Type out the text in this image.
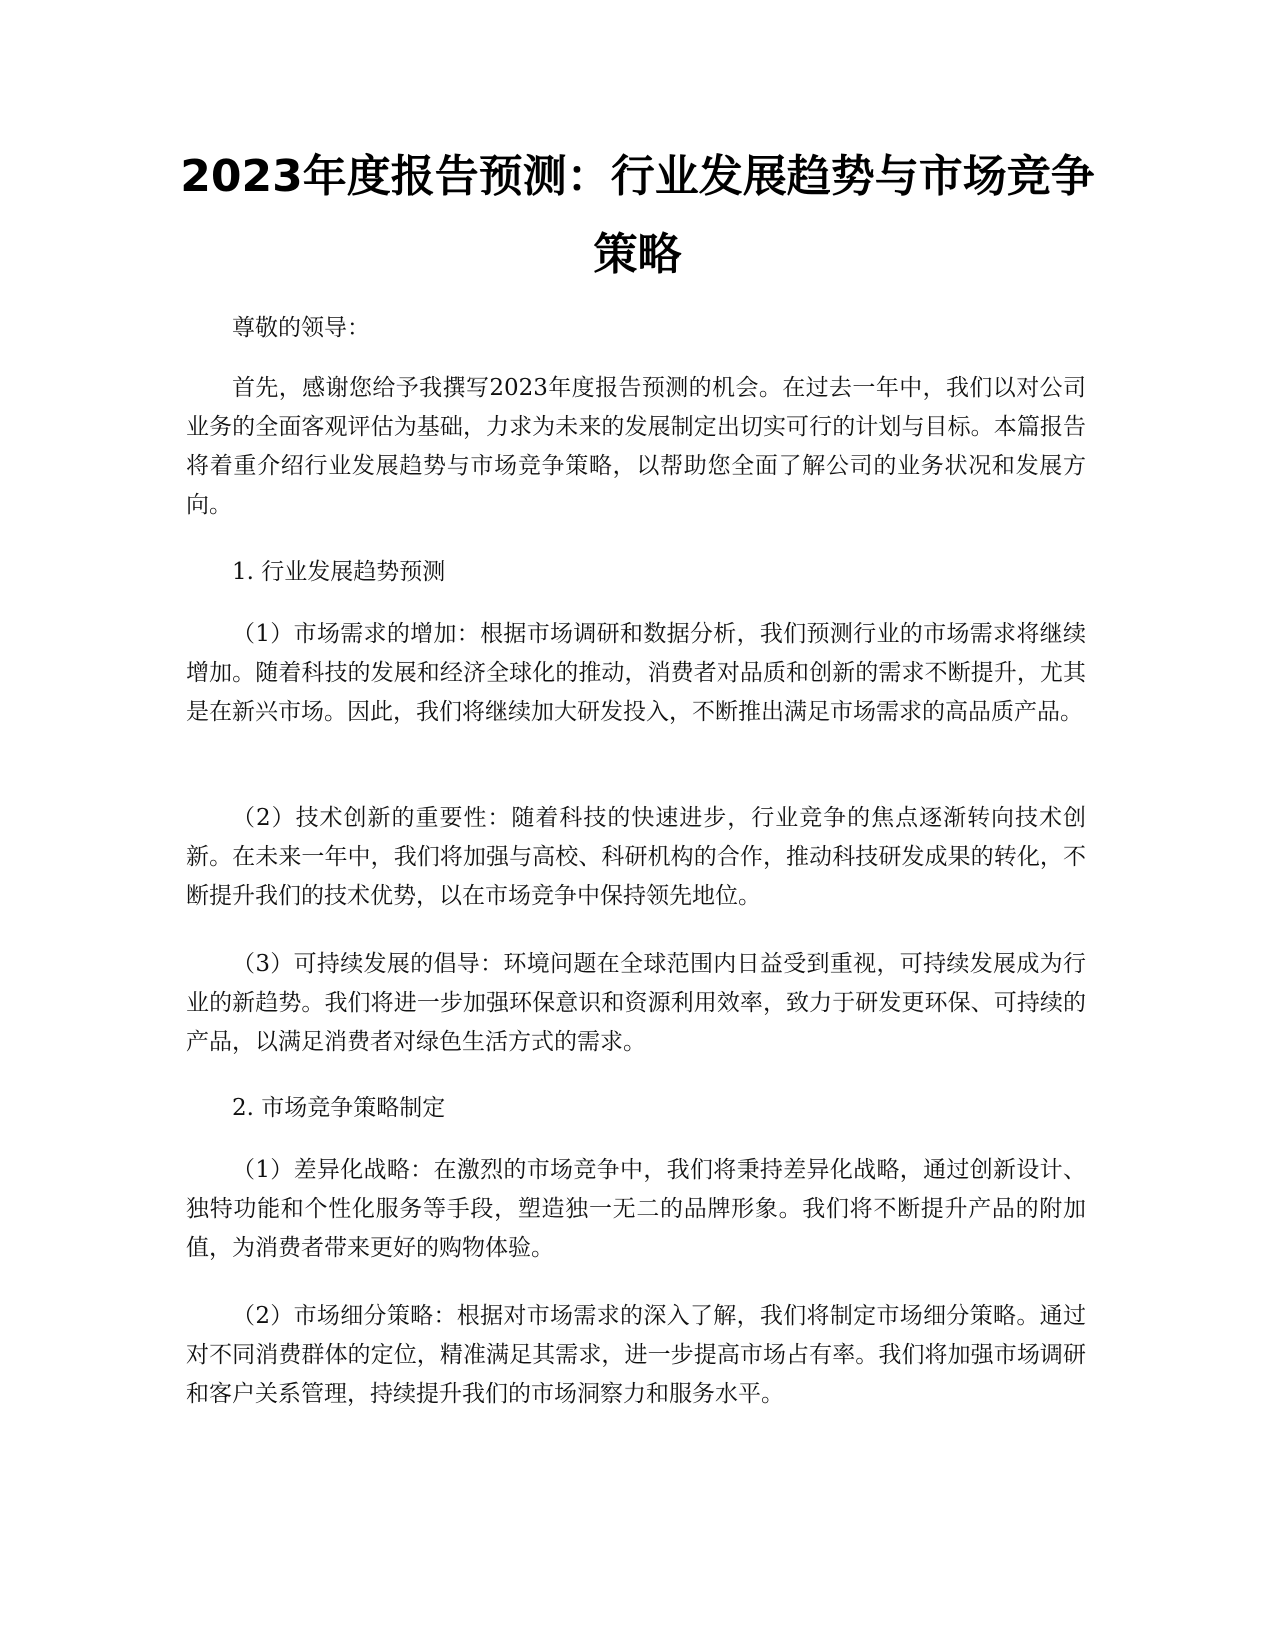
2023年度报告预测：行业发展趋势与市场竞争策略

尊敬的领导：

首先，感谢您给予我撰写2023年度报告预测的机会。在过去一年中，我们以对公司业务的全面客观评估为基础，力求为未来的发展制定出切实可行的计划与目标。本篇报告将着重介绍行业发展趋势与市场竞争策略，以帮助您全面了解公司的业务状况和发展方向。

1. 行业发展趋势预测

（1）市场需求的增加：根据市场调研和数据分析，我们预测行业的市场需求将继续增加。随着科技的发展和经济全球化的推动，消费者对品质和创新的需求不断提升，尤其是在新兴市场。因此，我们将继续加大研发投入，不断推出满足市场需求的高品质产品。

（2）技术创新的重要性：随着科技的快速进步，行业竞争的焦点逐渐转向技术创新。在未来一年中，我们将加强与高校、科研机构的合作，推动科技研发成果的转化，不断提升我们的技术优势，以在市场竞争中保持领先地位。

（3）可持续发展的倡导：环境问题在全球范围内日益受到重视，可持续发展成为行业的新趋势。我们将进一步加强环保意识和资源利用效率，致力于研发更环保、可持续的产品，以满足消费者对绿色生活方式的需求。

2. 市场竞争策略制定

（1）差异化战略：在激烈的市场竞争中，我们将秉持差异化战略，通过创新设计、独特功能和个性化服务等手段，塑造独一无二的品牌形象。我们将不断提升产品的附加值，为消费者带来更好的购物体验。

（2）市场细分策略：根据对市场需求的深入了解，我们将制定市场细分策略。通过对不同消费群体的定位，精准满足其需求，进一步提高市场占有率。我们将加强市场调研和客户关系管理，持续提升我们的市场洞察力和服务水平。
